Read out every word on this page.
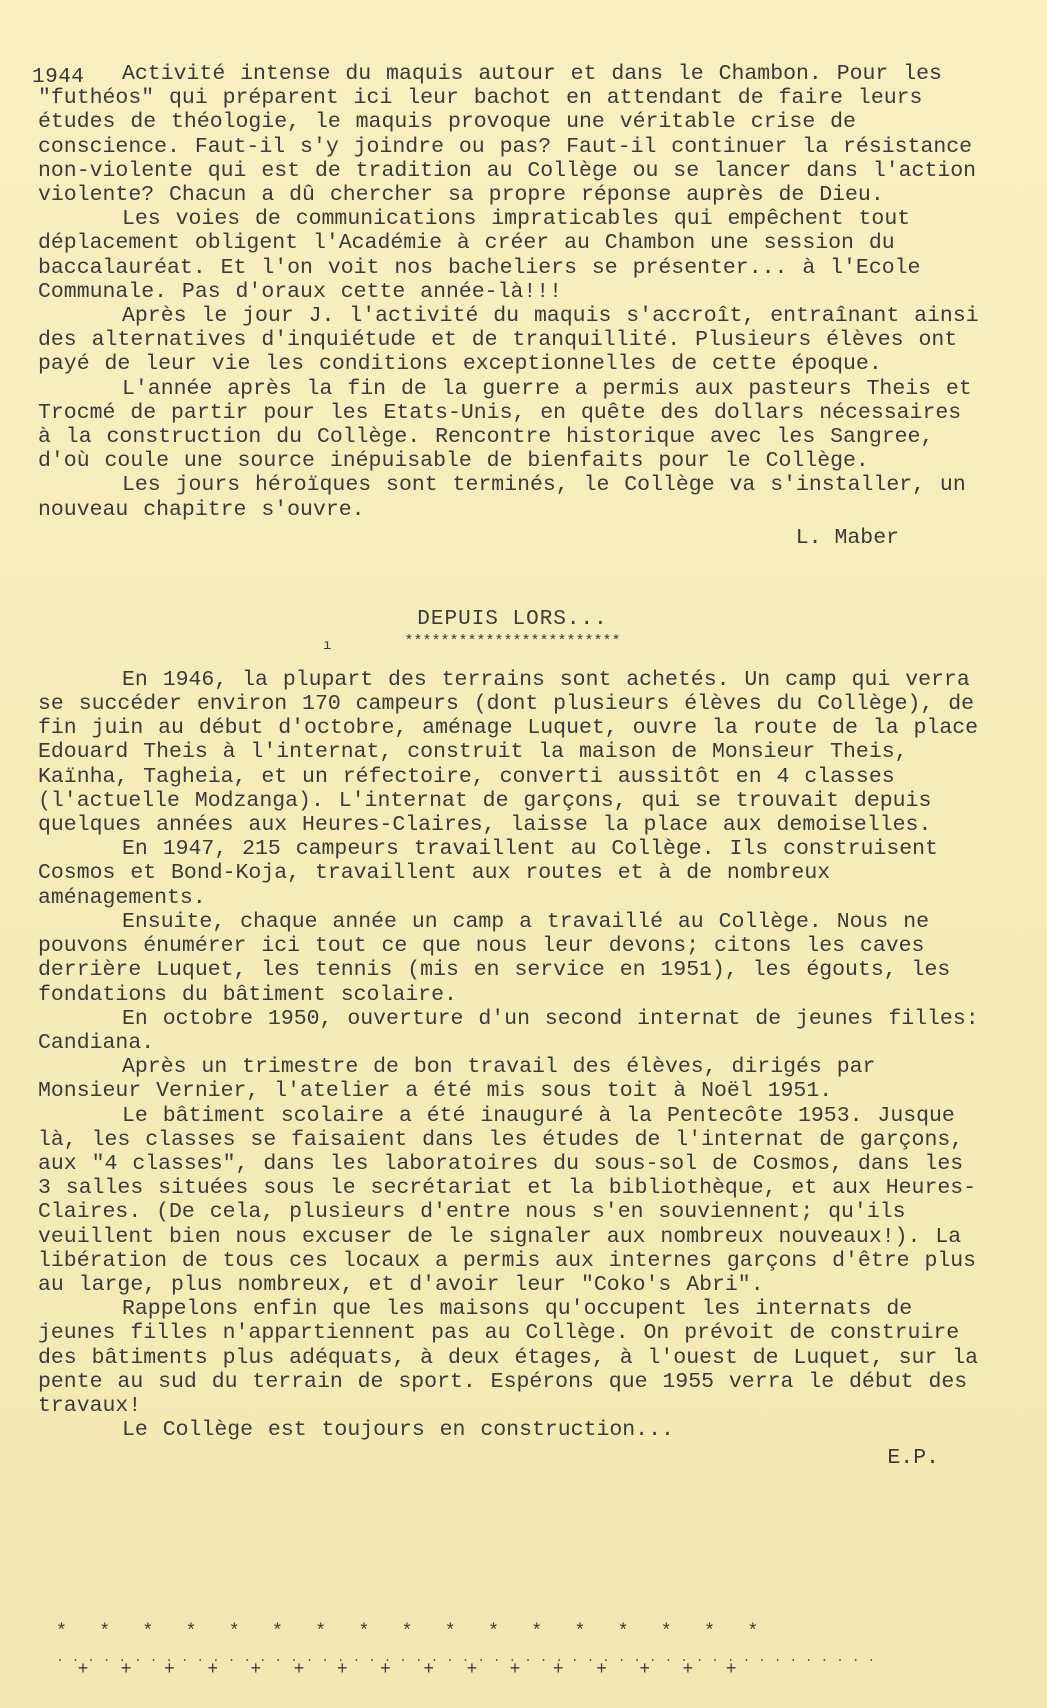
1944	Activité intense du maquis autour et dans le Chambon. Pour les "futhéos" qui préparent ici leur bachot en attendant de faire leurs études de théologie, le maquis provoque une véritable crise de conscience. Faut-il s'y joindre ou pas? Faut-il continuer la résistance non-violente qui est de tradition au Collège ou se lancer dans l'action violente? Chacun a dû chercher sa propre réponse auprès de Dieu.

Les voies de communications impraticables qui empêchent tout déplacement obligent l'Académie à créer au Chambon une session du baccalauréat. Et l'on voit nos bacheliers se présenter... à l'Ecole Communale. Pas d'oraux cette année-là!!!

Après le jour J. l'activité du maquis s'accroît, entraînant ainsi des alternatives d'inquiétude et de tranquillité. Plusieurs élèves ont payé de leur vie les conditions exceptionnelles de cette époque.

L'année après la fin de la guerre a permis aux pasteurs Theis et Trocmé de partir pour les Etats-Unis, en quête des dollars nécessaires à la construction du Collège. Rencontre historique avec les Sangree, d'où coule une source inépuisable de bienfaits pour le Collège.

Les jours héroïques sont terminés, le Collège va s'installer, un nouveau chapitre s'ouvre.

L. Maber
ı
DEPUIS LORS...
************************

En 1946, la plupart des terrains sont achetés. Un camp qui verra se succéder environ 170 campeurs (dont plusieurs élèves du Collège), de fin juin au début d'octobre, aménage Luquet, ouvre la route de la place Edouard Theis à l'internat, construit la maison de Monsieur Theis, Kaïnha, Tagheia, et un réfectoire, converti aussitôt en 4 classes (l'actuelle Modzanga). L'internat de garçons, qui se trouvait depuis quelques années aux Heures-Claires, laisse la place aux demoiselles.

En 1947, 215 campeurs travaillent au Collège. Ils construisent Cosmos et Bond-Koja, travaillent aux routes et à de nombreux aménagements.

Ensuite, chaque année un camp a travaillé au Collège. Nous ne pouvons énumérer ici tout ce que nous leur devons; citons les caves derrière Luquet, les tennis (mis en service en 1951), les égouts, les fondations du bâtiment scolaire.

En octobre 1950, ouverture d'un second internat de jeunes filles: Candiana.

Après un trimestre de bon travail des élèves, dirigés par Monsieur Vernier, l'atelier a été mis sous toit à Noël 1951.

Le bâtiment scolaire a été inauguré à la Pentecôte 1953. Jusque là, les classes se faisaient dans les études de l'internat de garçons, aux "4 classes", dans les laboratoires du sous-sol de Cosmos, dans les 3 salles situées sous le secrétariat et la bibliothèque, et aux Heures-Claires. (De cela, plusieurs d'entre nous s'en souviennent; qu'ils veuillent bien nous excuser de le signaler aux nombreux nouveaux!). La libération de tous ces locaux a permis aux internes garçons d'être plus au large, plus nombreux, et d'avoir leur "Coko's Abri".

Rappelons enfin que les maisons qu'occupent les internats de jeunes filles n'appartiennent pas au Collège. On prévoit de construire des bâtiments plus adéquats, à deux étages, à l'ouest de Luquet, sur la pente au sud du terrain de sport. Espérons que 1955 verra le début des travaux!

Le Collège est toujours en construction...

E.P.
*   *   *   *   *   *   *   *   *   *   *   *   *   *   *   *   *
. . . . . . . . . . . . . . . . . . . . . . . . . . . . . . . . . . . . . . . . . . . . . . . . . . . . .
+   +   +   +   +   +   +   +   +   +   +   +   +   +   +   +
